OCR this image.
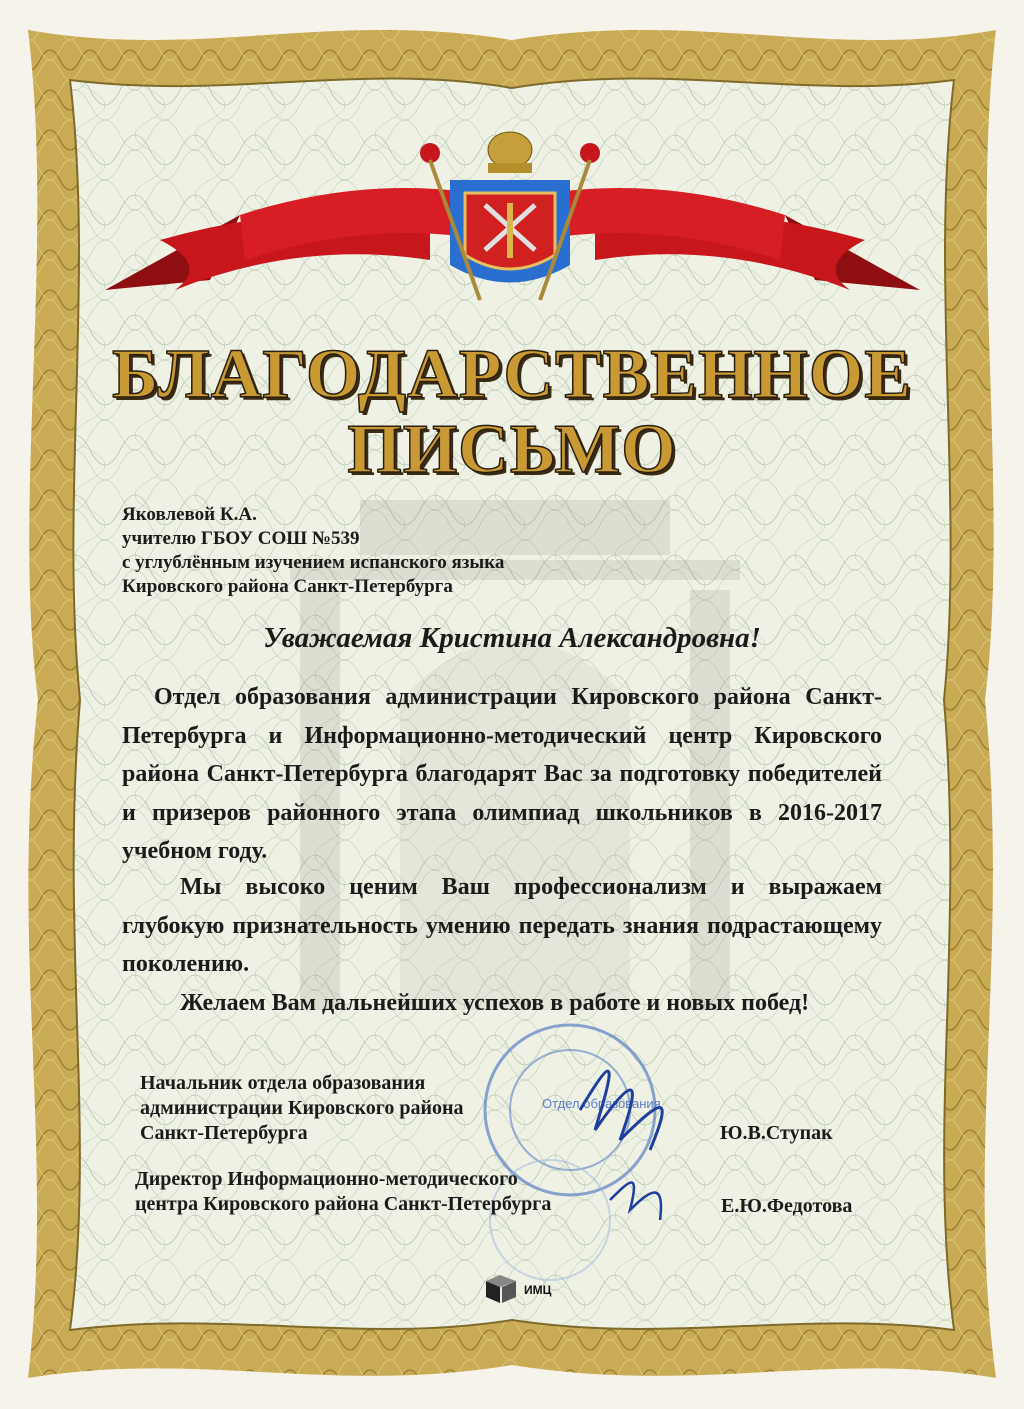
БЛАГОДАРСТВЕННОЕ
ПИСЬМО
Яковлевой К.А.
учителю ГБОУ СОШ №539
с углублённым изучением испанского языка
Кировского района Санкт-Петербурга
Уважаемая Кристина Александровна!

Отдел образования администрации Кировского района Санкт-Петербурга и Информационно-методический центр Кировского района Санкт-Петербурга благодарят Вас за подготовку победителей и призеров районного этапа олимпиад школьников в 2016-2017 учебном году.

Мы высоко ценим Ваш профессионализм и выражаем глубокую признательность умению передать знания подрастающему поколению.

Желаем Вам дальнейших успехов в работе и новых побед!

Отдел образования
Начальник отдела образования
администрации Кировского района
Санкт-Петербурга	Ю.В.Ступак
Директор Информационно-методического
центра Кировского района Санкт-Петербурга	Е.Ю.Федотова
ИМЦ
